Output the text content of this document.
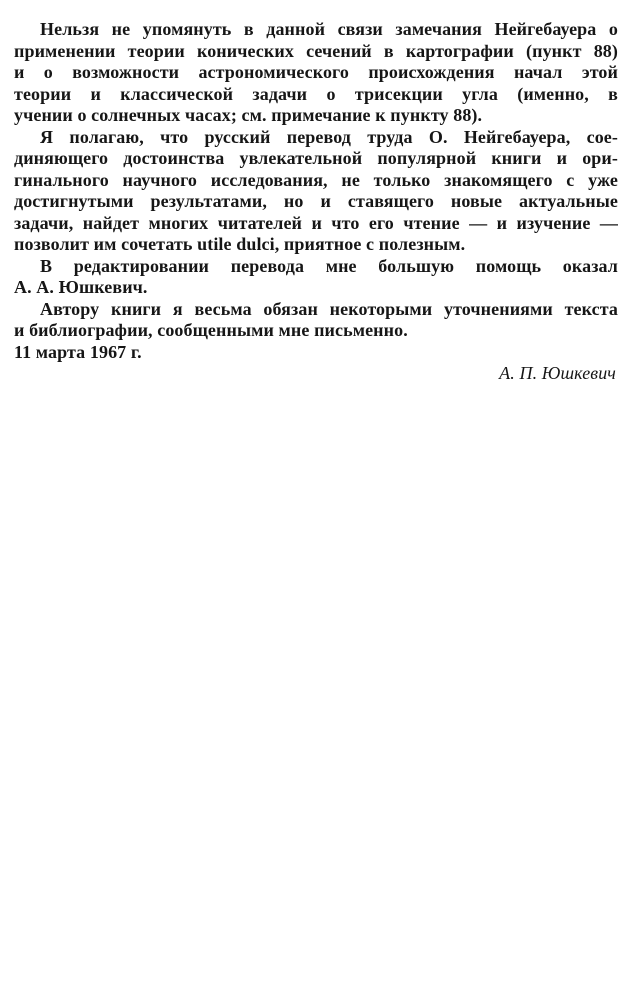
Нельзя не упомянуть в данной связи замечания Нейгебауера о
применении теории конических сечений в картографии (пункт 88)
и о возможности астрономического происхождения начал этой
теории и классической задачи о трисекции угла (именно, в
учении о солнечных часах; см. примечание к пункту 88).
Я полагаю, что русский перевод труда О. Нейгебауера, сое-
диняющего достоинства увлекательной популярной книги и ори-
гинального научного исследования, не только знакомящего с уже
достигнутыми результатами, но и ставящего новые актуальные
задачи, найдет многих читателей и что его чтение — и изучение —
позволит им сочетать utile dulci, приятное с полезным.
В редактировании перевода мне большую помощь оказал
А. А. Юшкевич.
Автору книги я весьма обязан некоторыми уточнениями текста
и библиографии, сообщенными мне письменно.
11 марта 1967 г.
А. П. Юшкевич
